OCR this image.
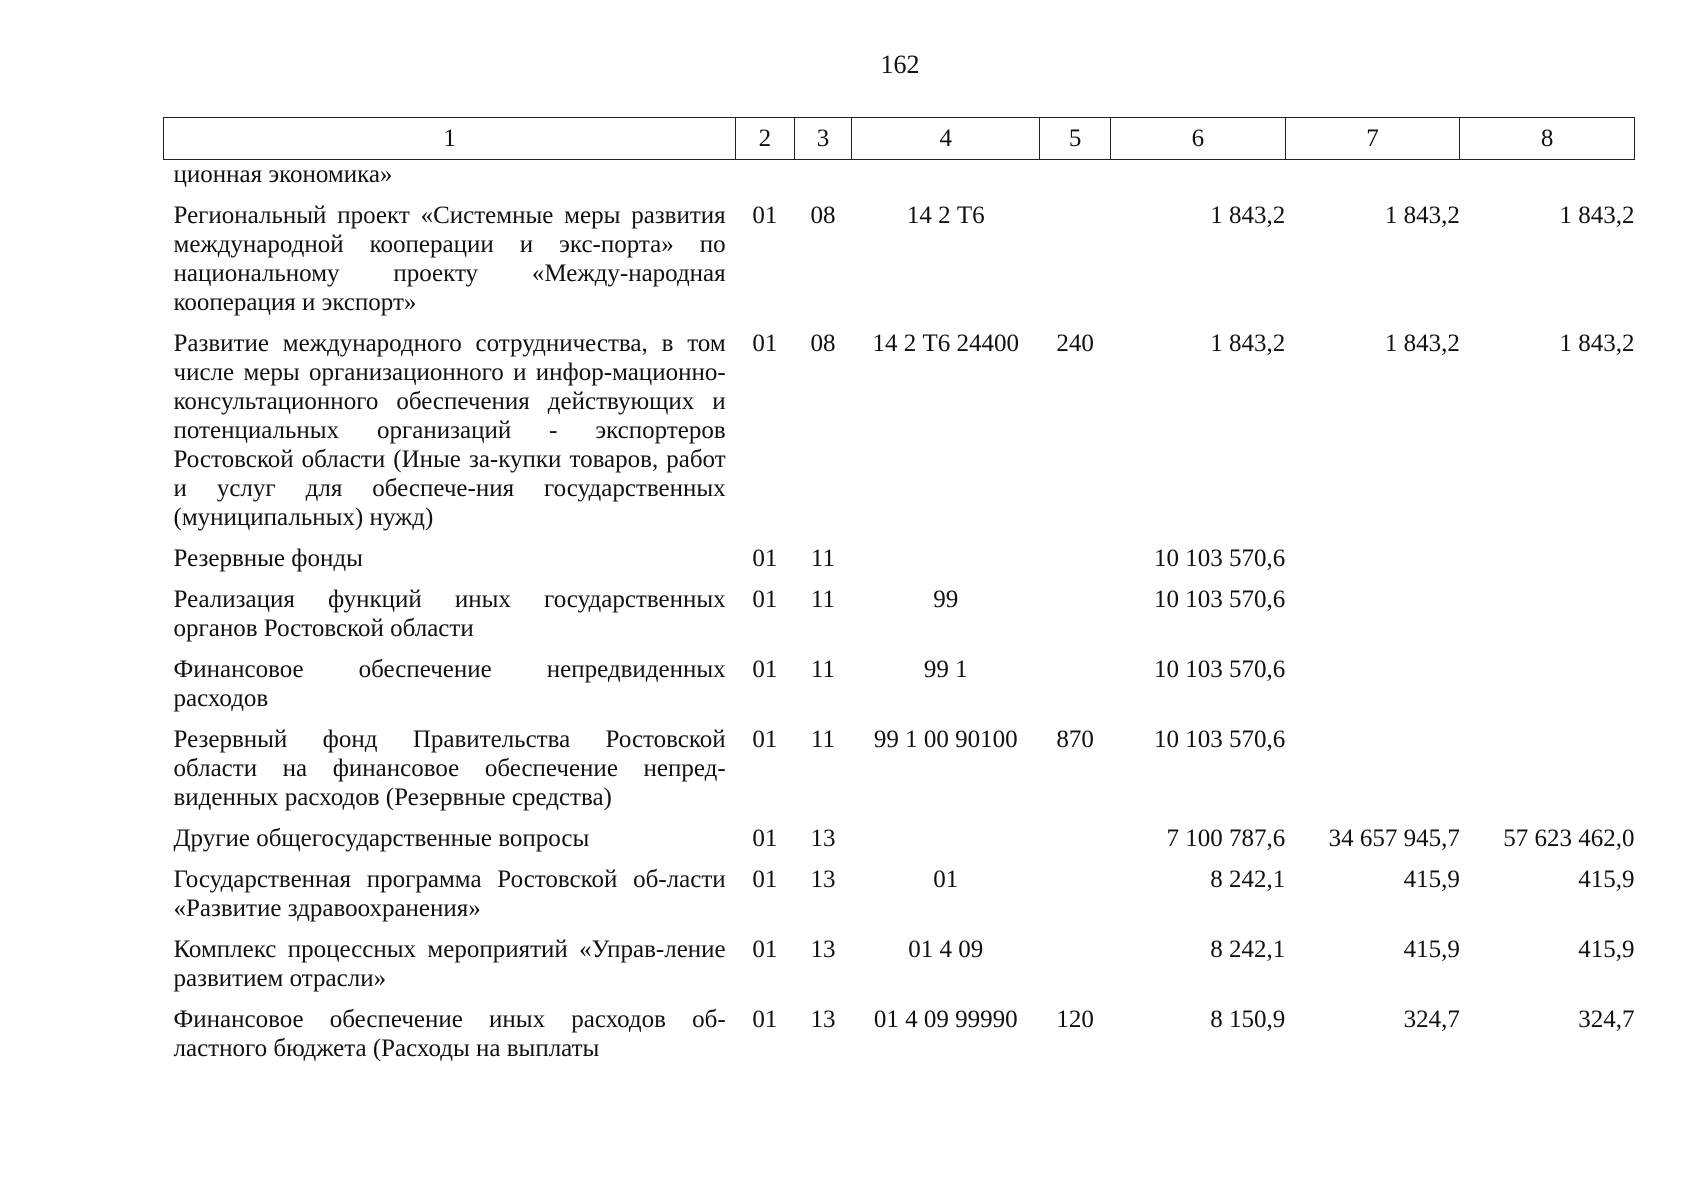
162
1	2	3	4	5	6	7	8
ционная экономика»							
Региональный проект «Системные меры развития международной кооперации и экс-порта» по национальному проекту «Между-народная кооперация и экспорт»	01	08	14 2 Т6		1 843,2	1 843,2	1 843,2
Развитие международного сотрудничества, в том числе меры организационного и инфор-мационно-консультационного обеспечения действующих и потенциальных организаций - экспортеров Ростовской области (Иные за-купки товаров, работ и услуг для обеспече-ния государственных (муниципальных) нужд)	01	08	14 2 Т6 24400	240	1 843,2	1 843,2	1 843,2
Резервные фонды	01	11			10 103 570,6		
Реализация функций иных государственных органов Ростовской области	01	11	99		10 103 570,6		
Финансовое обеспечение непредвиденных расходов	01	11	99 1		10 103 570,6		
Резервный фонд Правительства Ростовской области на финансовое обеспечение непред-виденных расходов (Резервные средства)	01	11	99 1 00 90100	870	10 103 570,6		
Другие общегосударственные вопросы	01	13			7 100 787,6	34 657 945,7	57 623 462,0
Государственная программа Ростовской об-ласти «Развитие здравоохранения»	01	13	01		8 242,1	415,9	415,9
Комплекс процессных мероприятий «Управ-ление развитием отрасли»	01	13	01 4 09		8 242,1	415,9	415,9
Финансовое обеспечение иных расходов об-ластного бюджета (Расходы на выплаты	01	13	01 4 09 99990	120	8 150,9	324,7	324,7
